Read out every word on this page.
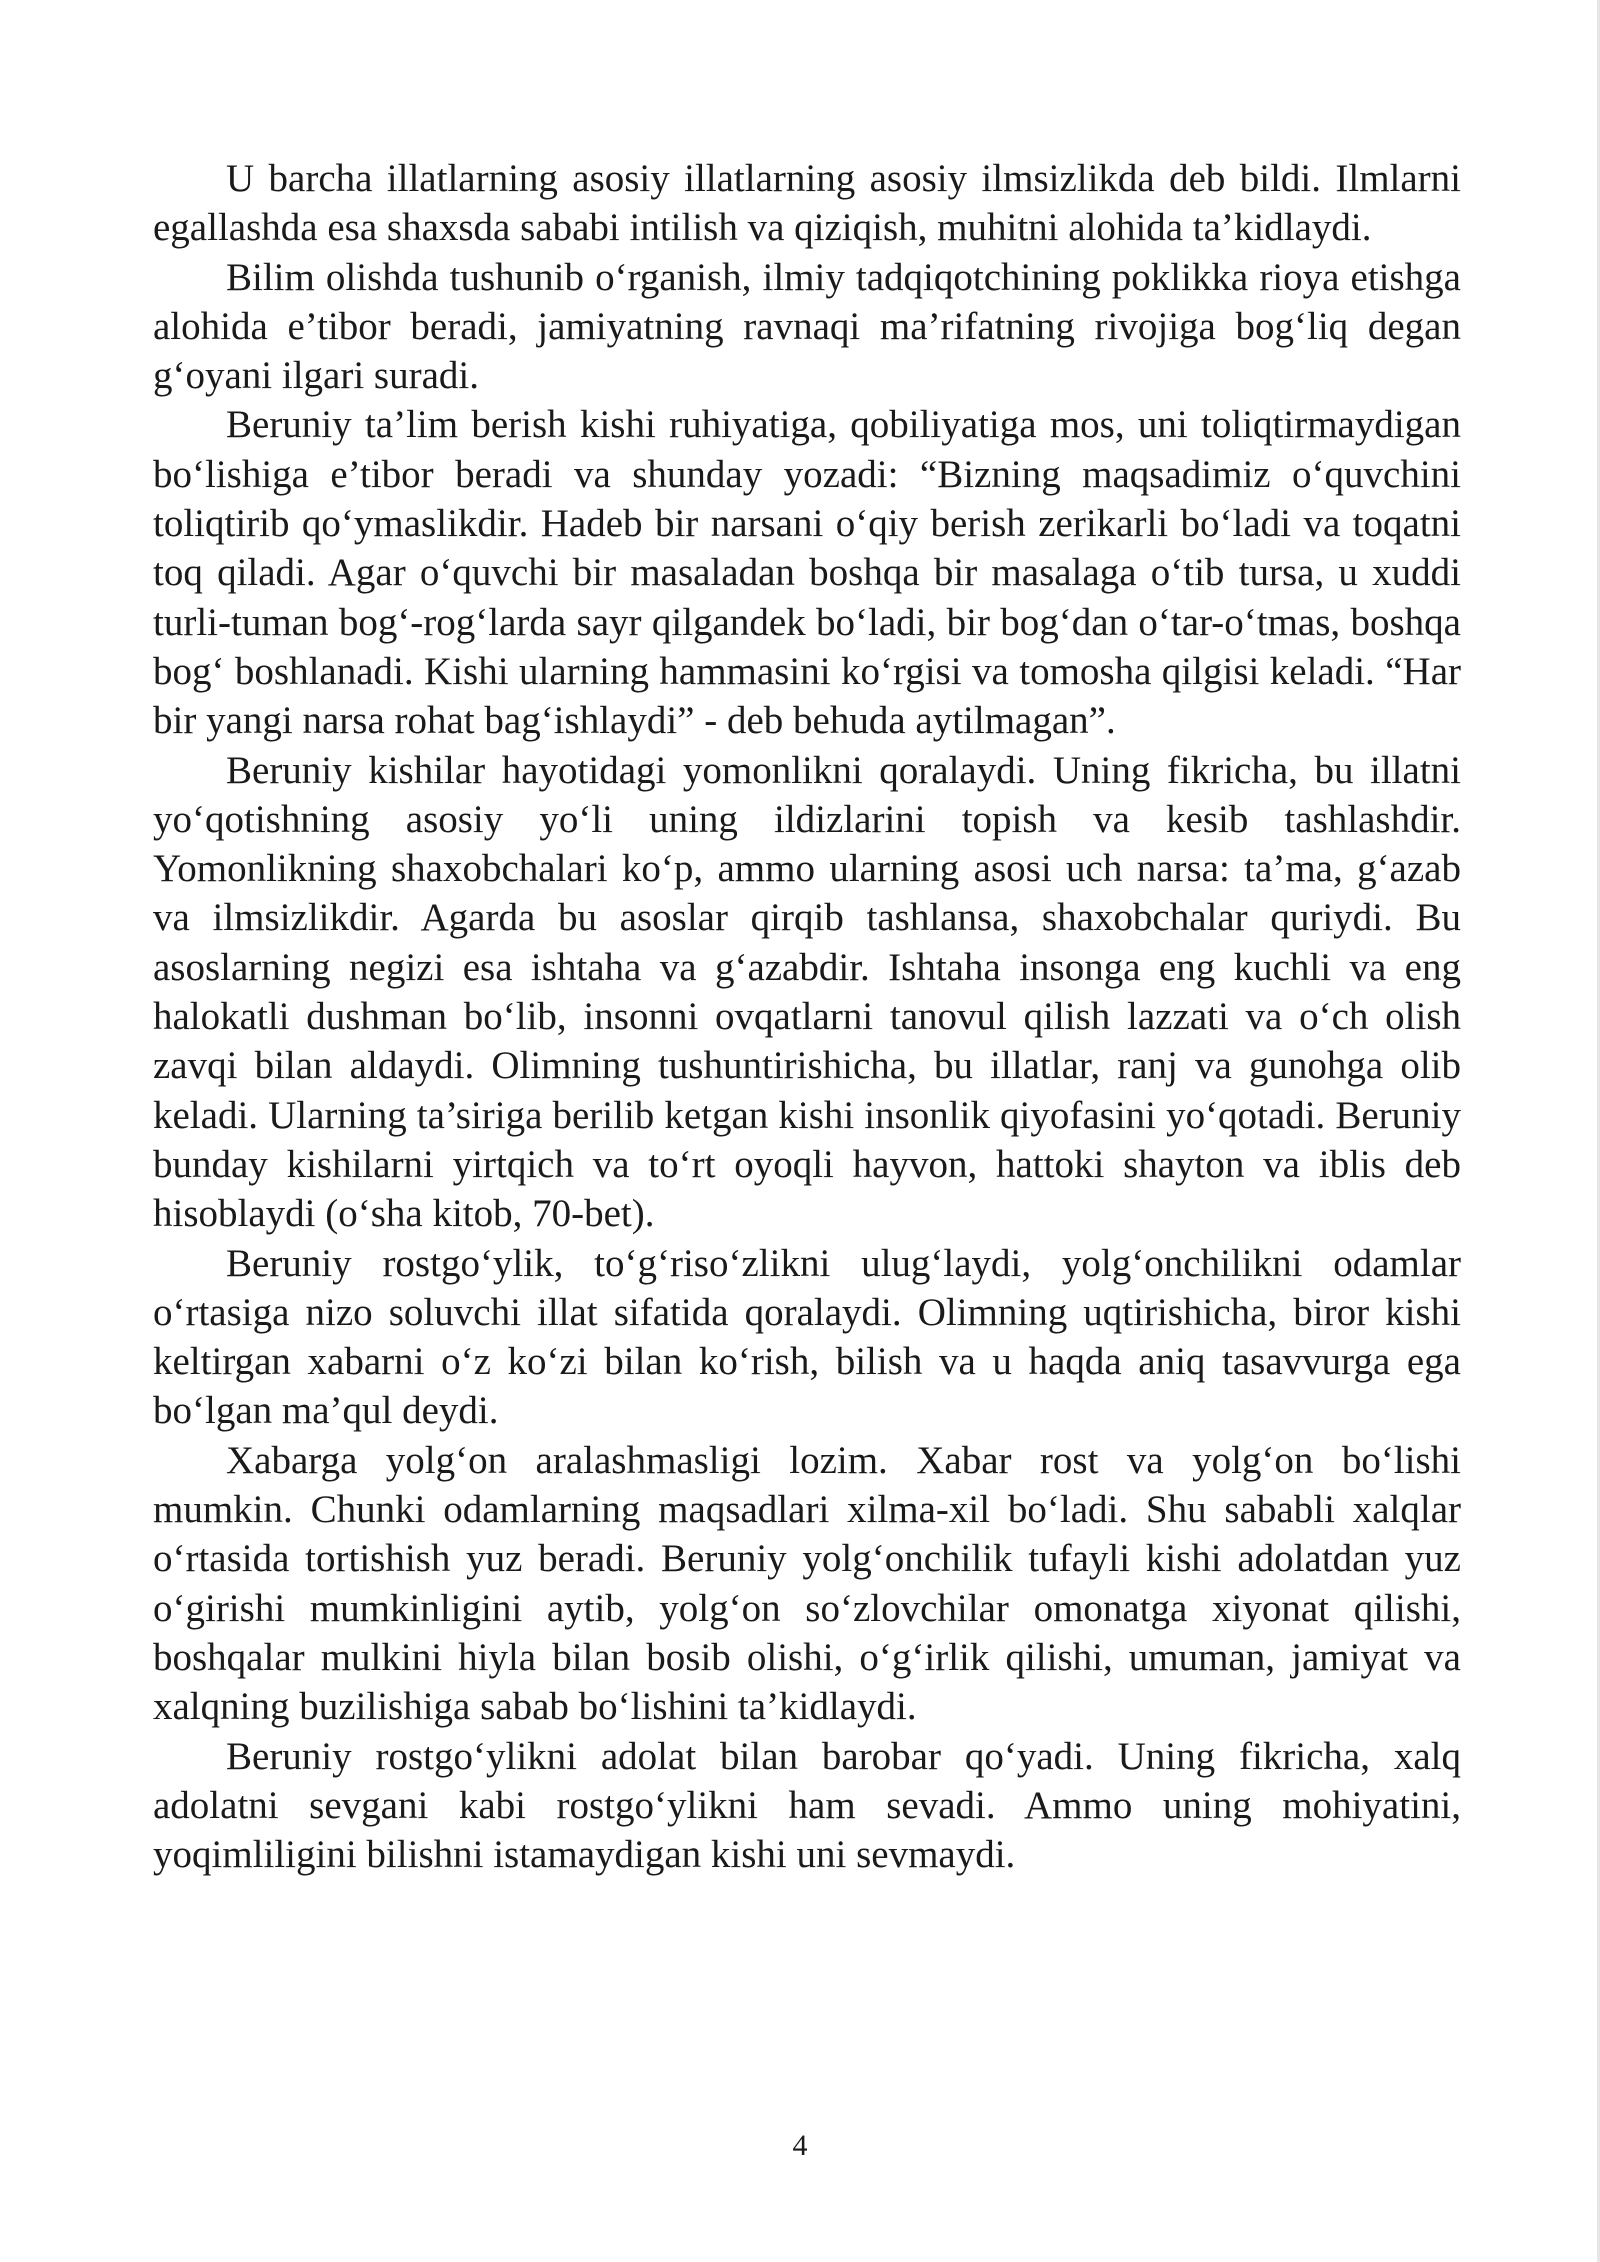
U barcha illatlarning asosiy illatlarning asosiy ilmsizlikda deb bildi. Ilmlarni egallashda esa shaxsda sababi intilish va qiziqish, muhitni alohida ta’kidlaydi.

Bilim olishda tushunib o‘rganish, ilmiy tadqiqotchining poklikka rioya etishga alohida e’tibor beradi, jamiyatning ravnaqi ma’rifatning rivojiga bog‘liq degan g‘oyani ilgari suradi.

Beruniy ta’lim berish kishi ruhiyatiga, qobiliyatiga mos, uni toliqtirmaydigan bo‘lishiga e’tibor beradi va shunday yozadi: “Bizning maqsadimiz o‘quvchini toliqtirib qo‘ymaslikdir. Hadeb bir narsani o‘qiy berish zerikarli bo‘ladi va toqatni toq qiladi. Agar o‘quvchi bir masaladan boshqa bir masalaga o‘tib tursa, u xuddi turli-tuman bog‘-rog‘larda sayr qilgandek bo‘ladi, bir bog‘dan o‘tar-o‘tmas, boshqa bog‘ boshlanadi. Kishi ularning hammasini ko‘rgisi va tomosha qilgisi keladi. “Har bir yangi narsa rohat bag‘ishlaydi” - deb behuda aytilmagan”.

Beruniy kishilar hayotidagi yomonlikni qoralaydi. Uning fikricha, bu illatni yo‘qotishning asosiy yo‘li uning ildizlarini topish va kesib tashlashdir. Yomonlikning shaxobchalari ko‘p, ammo ularning asosi uch narsa: ta’ma, g‘azab va ilmsizlikdir. Agarda bu asoslar qirqib tashlansa, shaxobchalar quriydi. Bu asoslarning negizi esa ishtaha va g‘azabdir. Ishtaha insonga eng kuchli va eng halokatli dushman bo‘lib, insonni ovqatlarni tanovul qilish lazzati va o‘ch olish zavqi bilan aldaydi. Olimning tushuntirishicha, bu illatlar, ranj va gunohga olib keladi. Ularning ta’siriga berilib ketgan kishi insonlik qiyofasini yo‘qotadi. Beruniy bunday kishilarni yirtqich va to‘rt oyoqli hayvon, hattoki shayton va iblis deb hisoblaydi (o‘sha kitob, 70-bet).

Beruniy rostgo‘ylik, to‘g‘riso‘zlikni ulug‘laydi, yolg‘onchilikni odamlar o‘rtasiga nizo soluvchi illat sifatida qoralaydi. Olimning uqtirishicha, biror kishi keltirgan xabarni o‘z ko‘zi bilan ko‘rish, bilish va u haqda aniq tasavvurga ega bo‘lgan ma’qul deydi.

Xabarga yolg‘on aralashmasligi lozim. Xabar rost va yolg‘on bo‘lishi mumkin. Chunki odamlarning maqsadlari xilma-xil bo‘ladi. Shu sababli xalqlar o‘rtasida tortishish yuz beradi. Beruniy yolg‘onchilik tufayli kishi adolatdan yuz o‘girishi mumkinligini aytib, yolg‘on so‘zlovchilar omonatga xiyonat qilishi, boshqalar mulkini hiyla bilan bosib olishi, o‘g‘irlik qilishi, umuman, jamiyat va xalqning buzilishiga sabab bo‘lishini ta’kidlaydi.

Beruniy rostgo‘ylikni adolat bilan barobar qo‘yadi. Uning fikricha, xalq adolatni sevgani kabi rostgo‘ylikni ham sevadi. Ammo uning mohiyatini, yoqimliligini bilishni istamaydigan kishi uni sevmaydi.

4
